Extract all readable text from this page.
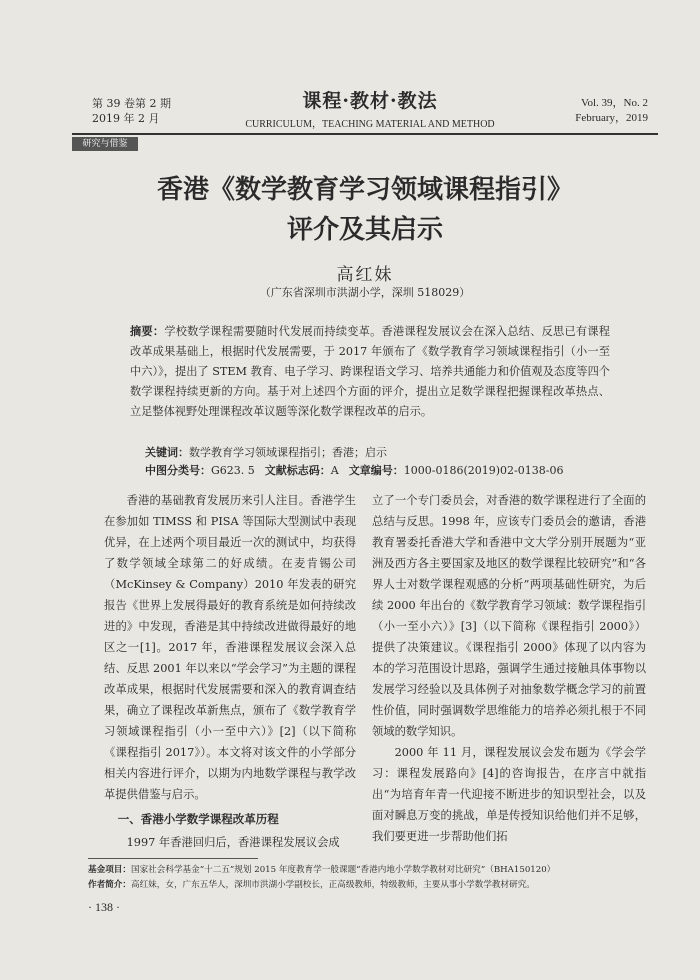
第 39 卷第 2 期
2019 年 2 月
课程·教材·教法
CURRICULUM，TEACHING MATERIAL AND METHOD
Vol. 39，No. 2
February，2019
研究与借鉴
香港《数学教育学习领域课程指引》
评介及其启示
高红妹
（广东省深圳市洪湖小学，深圳 518029）
摘要：学校数学课程需要随时代发展而持续变革。香港课程发展议会在深入总结、反思已有课程改革成果基础上，根据时代发展需要，于 2017 年颁布了《数学教育学习领域课程指引（小一至中六）》，提出了 STEM 教育、电子学习、跨课程语文学习、培养共通能力和价值观及态度等四个数学课程持续更新的方向。基于对上述四个方面的评介，提出立足数学课程把握课程改革热点、立足整体视野处理课程改革议题等深化数学课程改革的启示。
关键词：数学教育学习领域课程指引；香港；启示
中图分类号：G623. 5 文献标志码：A 文章编号：1000-0186(2019)02-0138-06

香港的基础教育发展历来引人注目。香港学生在参加如 TIMSS 和 PISA 等国际大型测试中表现优异，在上述两个项目最近一次的测试中，均获得了数学领域全球第二的好成绩。在麦肯锡公司（McKinsey & Company）2010 年发表的研究报告《世界上发展得最好的教育系统是如何持续改进的》中发现，香港是其中持续改进做得最好的地区之一[1]。2017 年，香港课程发展议会深入总结、反思 2001 年以来以“学会学习”为主题的课程改革成果，根据时代发展需要和深入的教育调查结果，确立了课程改革新焦点，颁布了《数学教育学习领域课程指引（小一至中六）》[2]（以下简称《课程指引 2017》）。本文将对该文件的小学部分相关内容进行评介，以期为内地数学课程与教学改革提供借鉴与启示。

一、香港小学数学课程改革历程

1997 年香港回归后，香港课程发展议会成

立了一个专门委员会，对香港的数学课程进行了全面的总结与反思。1998 年，应该专门委员会的邀请，香港教育署委托香港大学和香港中文大学分别开展题为“亚洲及西方各主要国家及地区的数学课程比较研究”和“各界人士对数学课程观感的分析”两项基础性研究，为后续 2000 年出台的《数学教育学习领域：数学课程指引（小一至小六）》[3]（以下简称《课程指引 2000》）提供了决策建议。《课程指引 2000》体现了以内容为本的学习范围设计思路，强调学生通过接触具体事物以发展学习经验以及具体例子对抽象数学概念学习的前置性价值，同时强调数学思维能力的培养必须扎根于不同领域的数学知识。

2000 年 11 月，课程发展议会发布题为《学会学习：课程发展路向》[4]的咨询报告，在序言中就指出“为培育年青一代迎接不断进步的知识型社会，以及面对瞬息万变的挑战，单是传授知识给他们并不足够，我们要更进一步帮助他们拓

基金项目：国家社会科学基金“十二五”规划 2015 年度教育学一般课题“香港内地小学数学教材对比研究”（BHA150120）
作者简介：高红妹，女，广东五华人，深圳市洪湖小学副校长，正高级教师，特级教师，主要从事小学数学教材研究。
· 138 ·
